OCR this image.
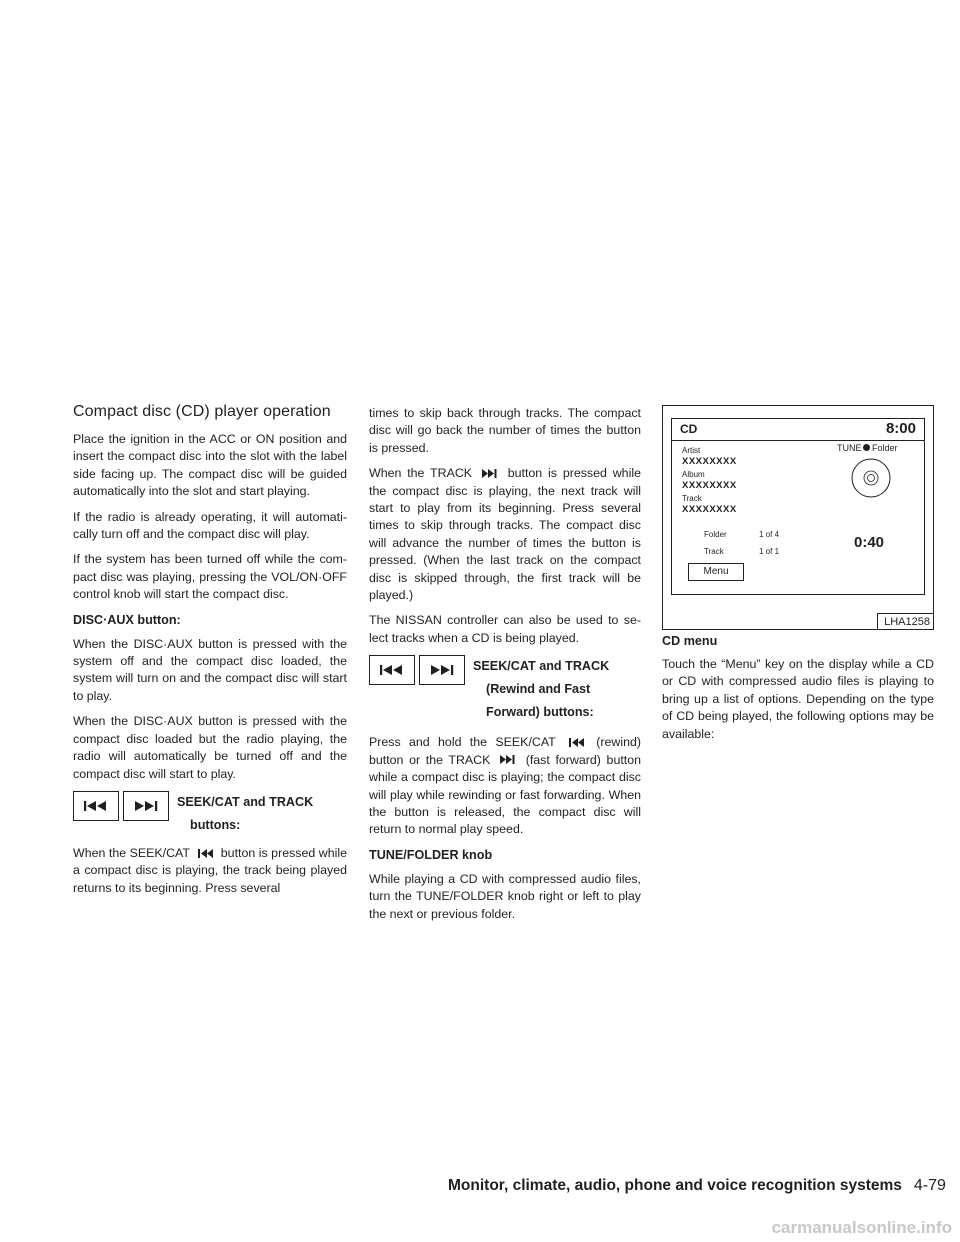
Compact disc (CD) player operation

Place the ignition in the ACC or ON position and insert the compact disc into the slot with the label side facing up. The compact disc will be guided automatically into the slot and start playing.

If the radio is already operating, it will automati-cally turn off and the compact disc will play.

If the system has been turned off while the com-pact disc was playing, pressing the VOL/ON·OFF control knob will start the compact disc.

DISC·AUX button:

When the DISC·AUX button is pressed with the system off and the compact disc loaded, the system will turn on and the compact disc will start to play.

When the DISC·AUX button is pressed with the compact disc loaded but the radio playing, the radio will automatically be turned off and the compact disc will start to play.

SEEK/CAT and TRACK
buttons:

When the SEEK/CAT	button is pressed while a compact disc is playing, the track being played returns to its beginning. Press several

times to skip back through tracks. The compact disc will go back the number of times the button is pressed.

When the TRACK	button is pressed while the compact disc is playing, the next track will start to play from its beginning. Press several times to skip through tracks. The compact disc will advance the number of times the button is pressed. (When the last track on the compact disc is skipped through, the first track will be played.)

The NISSAN controller can also be used to se-lect tracks when a CD is being played.

SEEK/CAT and TRACK
(Rewind and Fast
Forward) buttons:

Press and hold the SEEK/CAT	(rewind) button or the TRACK	(fast forward) button while a compact disc is playing; the compact disc will play while rewinding or fast forwarding. When the button is released, the compact disc will return to normal play speed.

TUNE/FOLDER knob

While playing a CD with compressed audio files, turn the TUNE/FOLDER knob right or left to play the next or previous folder.

CD	8:00
Artist
XXXXXXXX
Album
XXXXXXXX
Track
XXXXXXXX
TUNE Folder
Folder	1 of 4
Track	1 of 1
0:40
Menu
LHA1258
CD menu

Touch the “Menu” key on the display while a CD or CD with compressed audio files is playing to bring up a list of options. Depending on the type of CD being played, the following options may be available:

Monitor, climate, audio, phone and voice recognition systems 4-79
carmanualsonline.info
